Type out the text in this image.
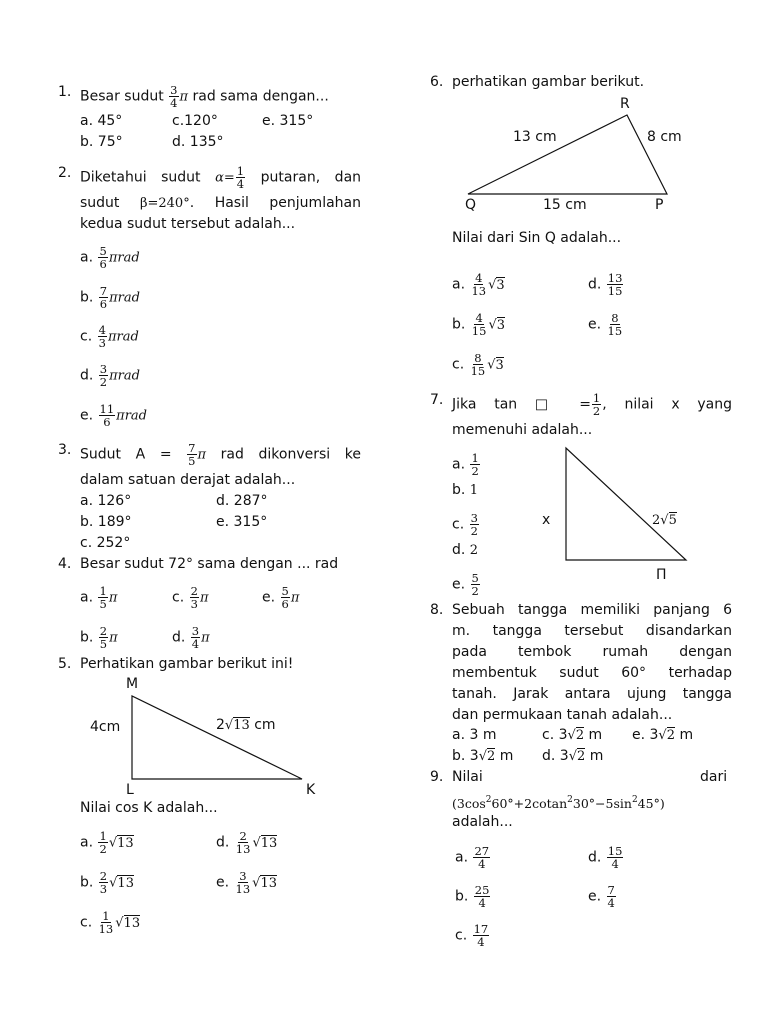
1. Besar sudut $\frac{3}{4}$ π rad sama dengan...
a. 45°	c.120°	e. 315°
b. 75°	d. 135°
2. Diketahui sudut $\alpha= \frac{1}{4}$ putaran, dan
sudut β=240°. Hasil penjumlahan
kedua sudut tersebut adalah...
a. $\frac{5}{6}$ πrad
b. $\frac{7}{6}$ πrad
c. $\frac{4}{3}$ πrad
d. $\frac{3}{2}$ πrad
e. $\frac{11}{6}$ πrad
3. Sudut $A = \frac{7}{5}$ π rad dikonversi ke
dalam satuan derajat adalah...
a. 126°	d. 287°
b. 189°	e. 315°
c. 252°
4. Besar sudut 72° sama dengan ... rad
a. $\frac{1}{5}$ π	c. $\frac{2}{3}$ π	e. $\frac{5}{6}$ π
b. $\frac{2}{5}$ π	d. $\frac{3}{4}$ π
5. Perhatikan gambar berikut ini!
M
L	K
4cm	2√13 cm
Nilai cos K adalah...
a. $\frac{1}{2} √13$	d. $\frac{2}{13} √13$
b. $\frac{2}{3} √13$	e. $\frac{3}{13} √13$
c. $\frac{1}{13} √13$
6. perhatikan gambar berikut.
R
Q	P
13 cm	8 cm
15 cm
Nilai dari Sin Q adalah...
a. $\frac{4}{13} √3$	d. $\frac{13}{15}$
b. $\frac{4}{15} √3$	e. $\frac{8}{15}$
c. $\frac{8}{15} √3$
7. Jika tan □ = $\frac{1}{2}$ , nilai x yang
memenuhi adalah...
a. $\frac{1}{2}$
b. 1
c. $\frac{3}{2}$
d. 2
e. $\frac{5}{2}$
x
Π
2√5
8. Sebuah tangga memiliki panjang 6
m. tangga tersebut disandarkan
pada tembok rumah dengan
membentuk sudut 60° terhadap
tanah. Jarak antara ujung tangga
dan permukaan tanah adalah...
a. 3 m	c. 3√2 m e. 3√2 m
b. 3√2 m d. 3√2 m
9. Nilai	dari
$(3\cos^260^\circ+2cotan^230^\circ-5\sin^245^\circ)$
adalah...
a. $\frac{27}{4}$	d. $\frac{15}{4}$
b. $\frac{25}{4}$	e. $\frac{7}{4}$
c. $\frac{17}{4}$
